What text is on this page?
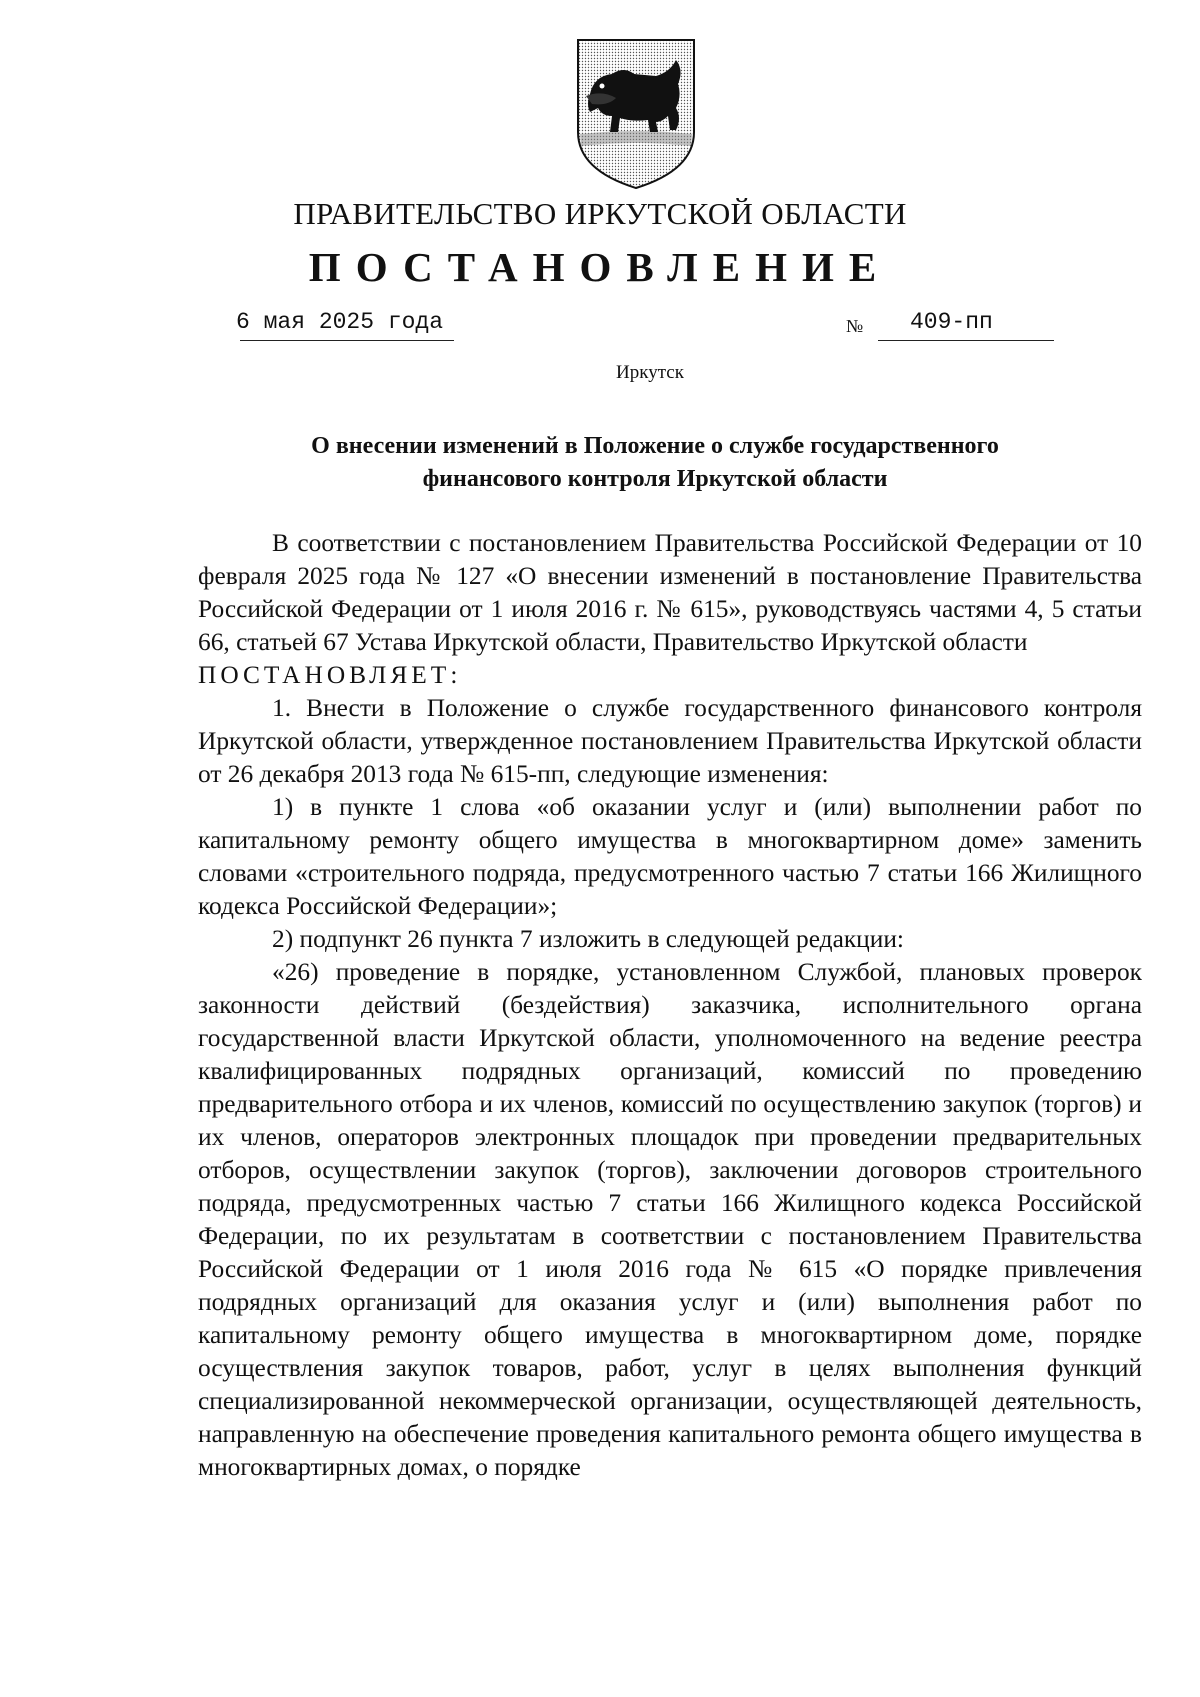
ПРАВИТЕЛЬСТВО ИРКУТСКОЙ ОБЛАСТИ
ПОСТАНОВЛЕНИЕ
6 мая 2025 года	№ 409-пп
Иркутск
О внесении изменений в Положение о службе государственного
финансового контроля Иркутской области

В соответствии с постановлением Правительства Российской Федерации от 10 февраля 2025 года № 127 «О внесении изменений в постановление Правительства Российской Федерации от 1 июля 2016 г. № 615», руководствуясь частями 4, 5 статьи 66, статьей 67 Устава Иркутской области, Правительство Иркутской области

ПОСТАНОВЛЯЕТ:

1. Внести в Положение о службе государственного финансового контроля Иркутской области, утвержденное постановлением Правительства Иркутской области от 26 декабря 2013 года № 615-пп, следующие изменения:

1) в пункте 1 слова «об оказании услуг и (или) выполнении работ по капитальному ремонту общего имущества в многоквартирном доме» заменить словами «строительного подряда, предусмотренного частью 7 статьи 166 Жилищного кодекса Российской Федерации»;

2) подпункт 26 пункта 7 изложить в следующей редакции:

«26) проведение в порядке, установленном Службой, плановых проверок законности действий (бездействия) заказчика, исполнительного органа государственной власти Иркутской области, уполномоченного на ведение реестра квалифицированных подрядных организаций, комиссий по проведению предварительного отбора и их членов, комиссий по осуществлению закупок (торгов) и их членов, операторов электронных площадок при проведении предварительных отборов, осуществлении закупок (торгов), заключении договоров строительного подряда, предусмотренных частью 7 статьи 166 Жилищного кодекса Российской Федерации, по их результатам в соответствии с постановлением Правительства Российской Федерации от 1 июля 2016 года № 615 «О порядке привлечения подрядных организаций для оказания услуг и (или) выполнения работ по капитальному ремонту общего имущества в многоквартирном доме, порядке осуществления закупок товаров, работ, услуг в целях выполнения функций специализированной некоммерческой организации, осуществляющей деятельность, направленную на обеспечение проведения капитального ремонта общего имущества в многоквартирных домах, о порядке
